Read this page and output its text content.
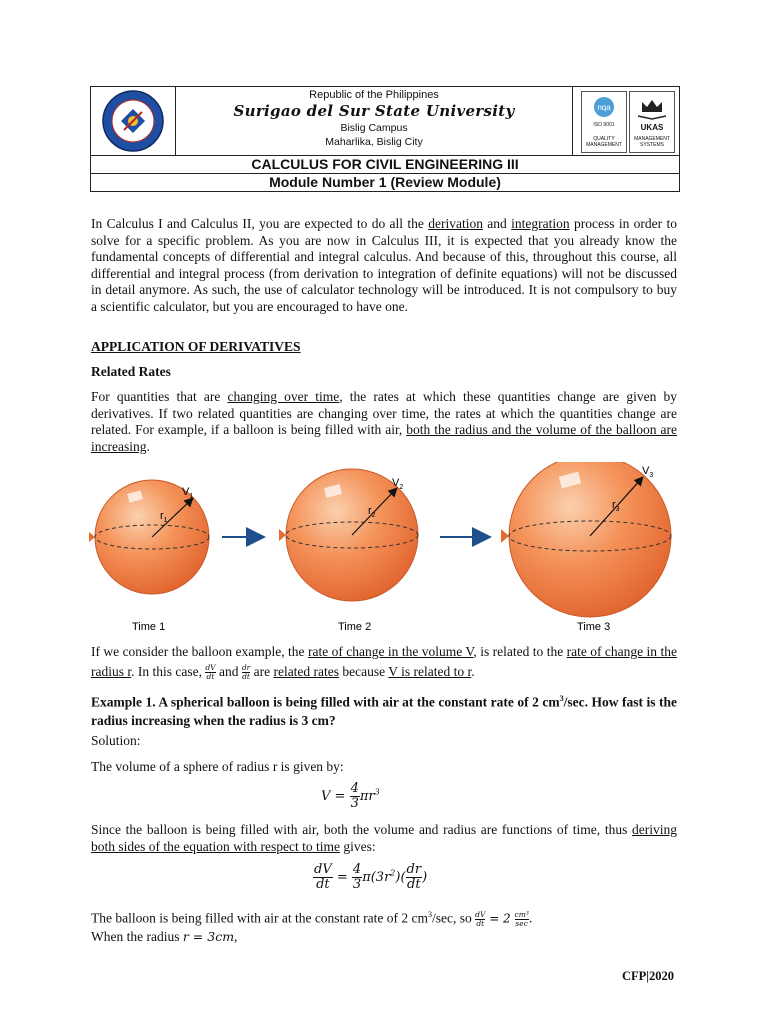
Republic of the Philippines
Surigao del Sur State University
Bislig Campus
Maharlika, Bislig City
nqa
ISO 9001
QUALITY MANAGEMENT
UKAS
MANAGEMENT SYSTEMS
CALCULUS FOR CIVIL ENGINEERING III
Module Number 1 (Review Module)
In Calculus I and Calculus II, you are expected to do all the derivation and integration process in order to solve for a specific problem. As you are now in Calculus III, it is expected that you already know the fundamental concepts of differential and integral calculus. And because of this, throughout this course, all differential and integral process (from derivation to integration of definite equations) will not be discussed in detail anymore. As such, the use of calculator technology will be introduced. It is not compulsory to buy a scientific calculator, but you are encouraged to have one.
APPLICATION OF DERIVATIVES
Related Rates
For quantities that are changing over time, the rates at which these quantities change are given by derivatives. If two related quantities are changing over time, the rates at which the quantities change are related. For example, if a balloon is being filled with air, both the radius and the volume of the balloon are increasing.
$V_1$
$r_1$
$V_2$
$r_2$
$V_3$
$r_3$
Time 1	Time 2	Time 3
If we consider the balloon example, the rate of change in the volume V, is related to the rate of change in the radius r. In this case, $\frac{dV}{dt}$ and $\frac{dr}{dt}$ are related rates because V is related to r.
Example 1. A spherical balloon is being filled with air at the constant rate of 2 $cm^3/\sec$. How fast is the radius increasing when the radius is 3 cm?
Solution:
The volume of a sphere of radius r is given by:
$V = \frac{4}{3} \pi r^3$
Since the balloon is being filled with air, both the volume and radius are functions of time, thus deriving both sides of the equation with respect to time gives:
$\frac{dV}{dt} = \frac{4}{3} \pi(3r^2)( \frac{dr}{dt}$ )
The balloon is being filled with air at the constant rate of 2 $cm^3/\sec$, so $\frac{dV}{dt} = 2$ cm³
sec .
When the radius r = 3cm,
CFP|2020
